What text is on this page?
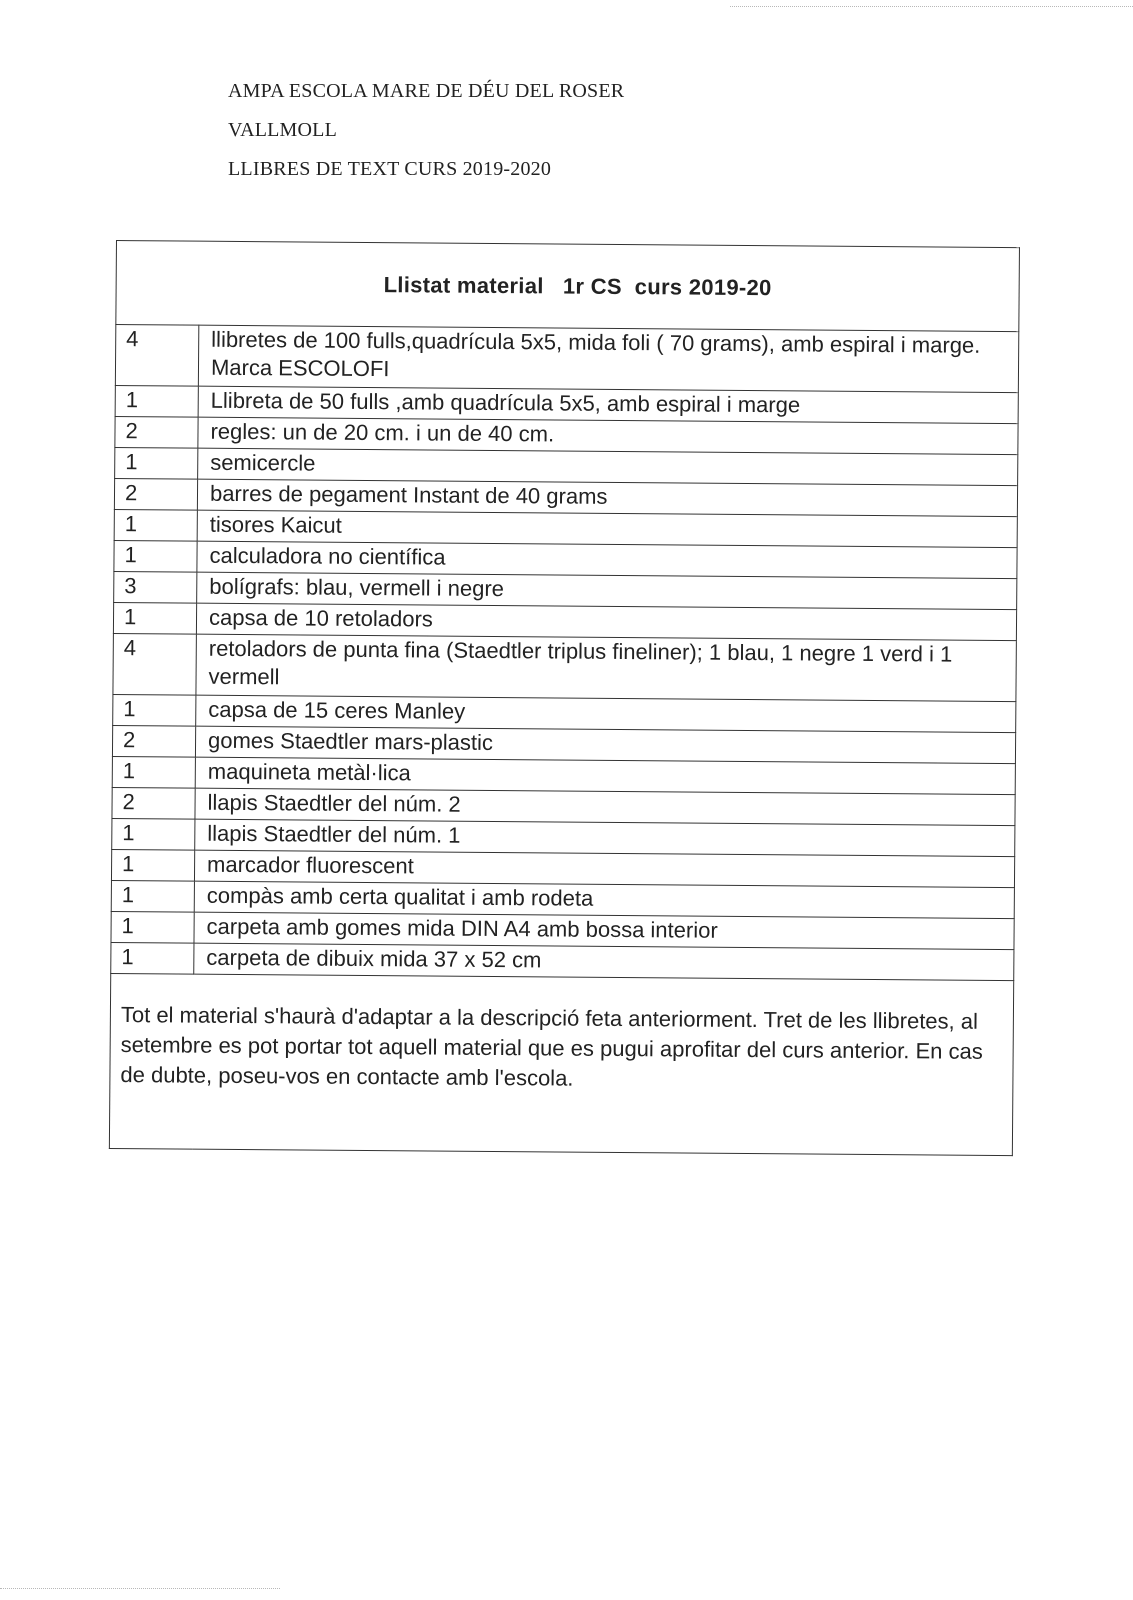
AMPA ESCOLA MARE DE DÉU DEL ROSER
VALLMOLL
LLIBRES DE TEXT CURS 2019-2020
Llistat material   1r CS  curs 2019-20	
4	llibretes de 100 fulls,quadrícula 5x5, mida foli ( 70 grams), amb espiral i marge. Marca ESCOLOFI
1	Llibreta de 50 fulls ,amb quadrícula 5x5, amb espiral i marge
2	regles: un de 20 cm. i un de 40 cm.
1	semicercle
2	barres de pegament Instant de 40 grams
1	tisores Kaicut
1	calculadora no científica
3	bolígrafs: blau, vermell i negre
1	capsa de 10 retoladors
4	retoladors de punta fina (Staedtler triplus fineliner); 1 blau, 1 negre 1 verd i 1 vermell
1	capsa de 15 ceres Manley
2	gomes Staedtler mars-plastic
1	maquineta metàl·lica
2	llapis Staedtler del núm. 2
1	llapis Staedtler del núm. 1
1	marcador fluorescent
1	compàs amb certa qualitat i amb rodeta
1	carpeta amb gomes mida DIN A4 amb bossa interior
1	carpeta de dibuix mida 37 x 52 cm
Tot el material s'haurà d'adaptar a la descripció feta anteriorment. Tret de les llibretes, al setembre es pot portar tot aquell material que es pugui aprofitar del curs anterior. En cas de dubte, poseu-vos en contacte amb l'escola.	
